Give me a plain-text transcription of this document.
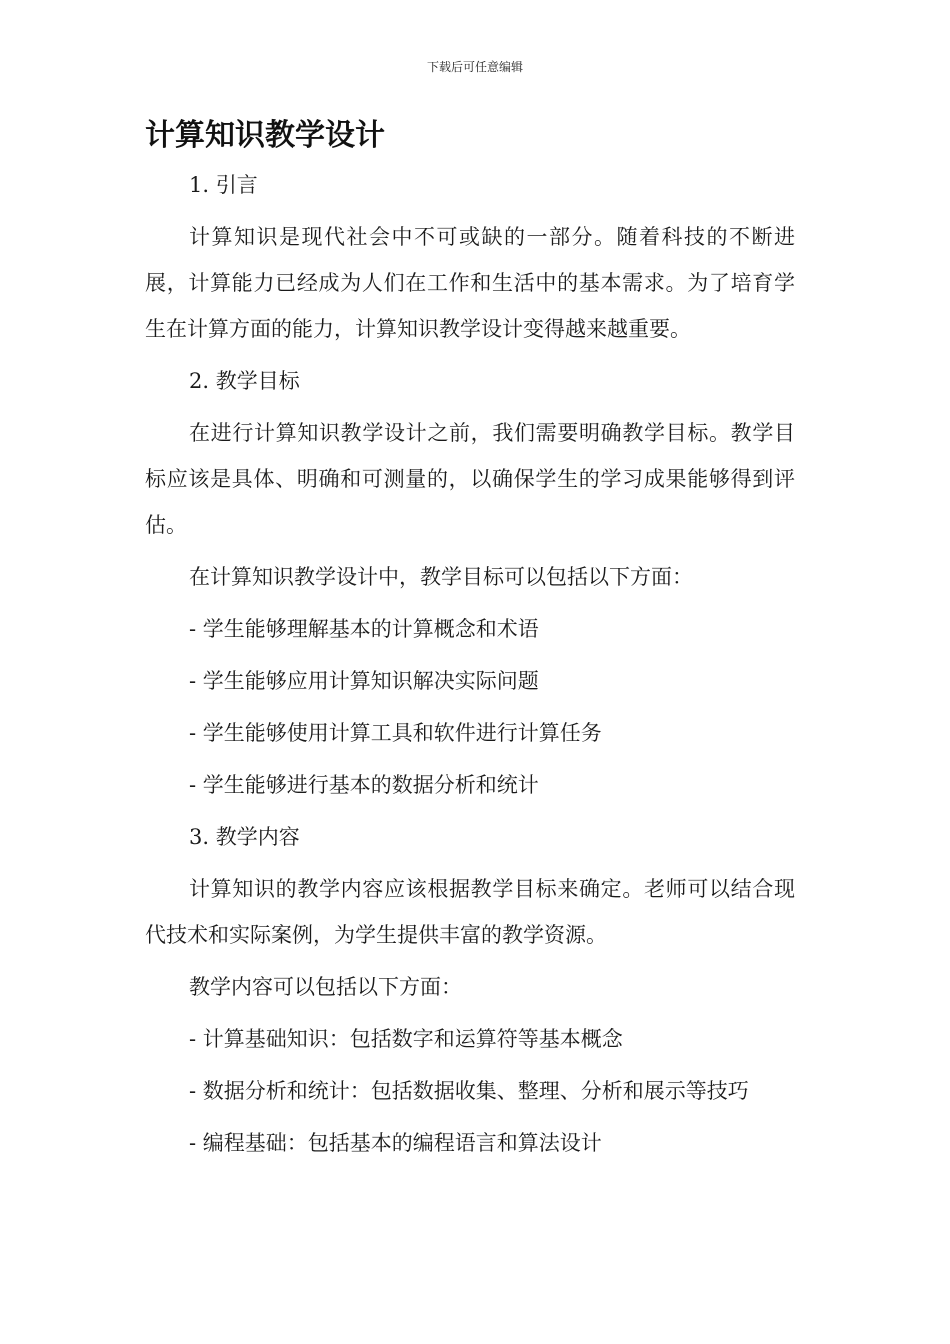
下载后可任意编辑
计算知识教学设计

1. 引言

计算知识是现代社会中不可或缺的一部分。随着科技的不断进展，计算能力已经成为人们在工作和生活中的基本需求。为了培育学生在计算方面的能力，计算知识教学设计变得越来越重要。

2. 教学目标

在进行计算知识教学设计之前，我们需要明确教学目标。教学目标应该是具体、明确和可测量的，以确保学生的学习成果能够得到评估。

在计算知识教学设计中，教学目标可以包括以下方面：

- 学生能够理解基本的计算概念和术语

- 学生能够应用计算知识解决实际问题

- 学生能够使用计算工具和软件进行计算任务

- 学生能够进行基本的数据分析和统计

3. 教学内容

计算知识的教学内容应该根据教学目标来确定。老师可以结合现代技术和实际案例，为学生提供丰富的教学资源。

教学内容可以包括以下方面：

- 计算基础知识：包括数字和运算符等基本概念

- 数据分析和统计：包括数据收集、整理、分析和展示等技巧

- 编程基础：包括基本的编程语言和算法设计
